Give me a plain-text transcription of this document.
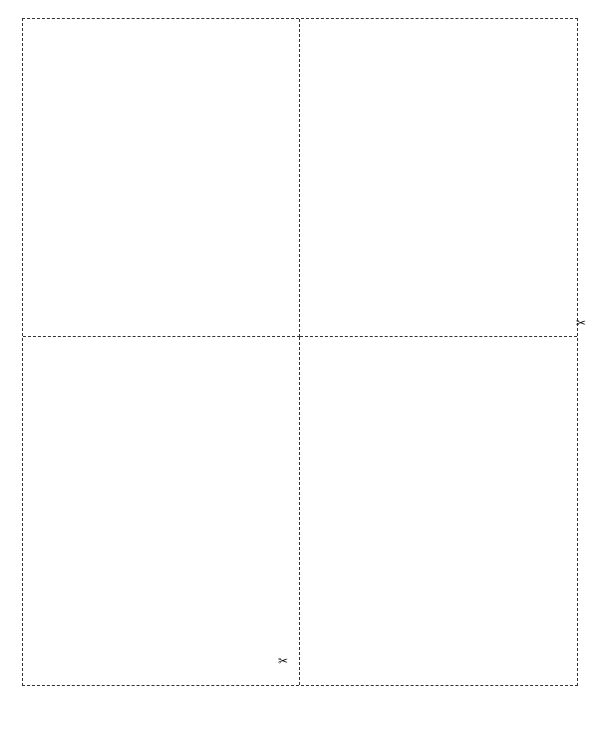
✂
✂
